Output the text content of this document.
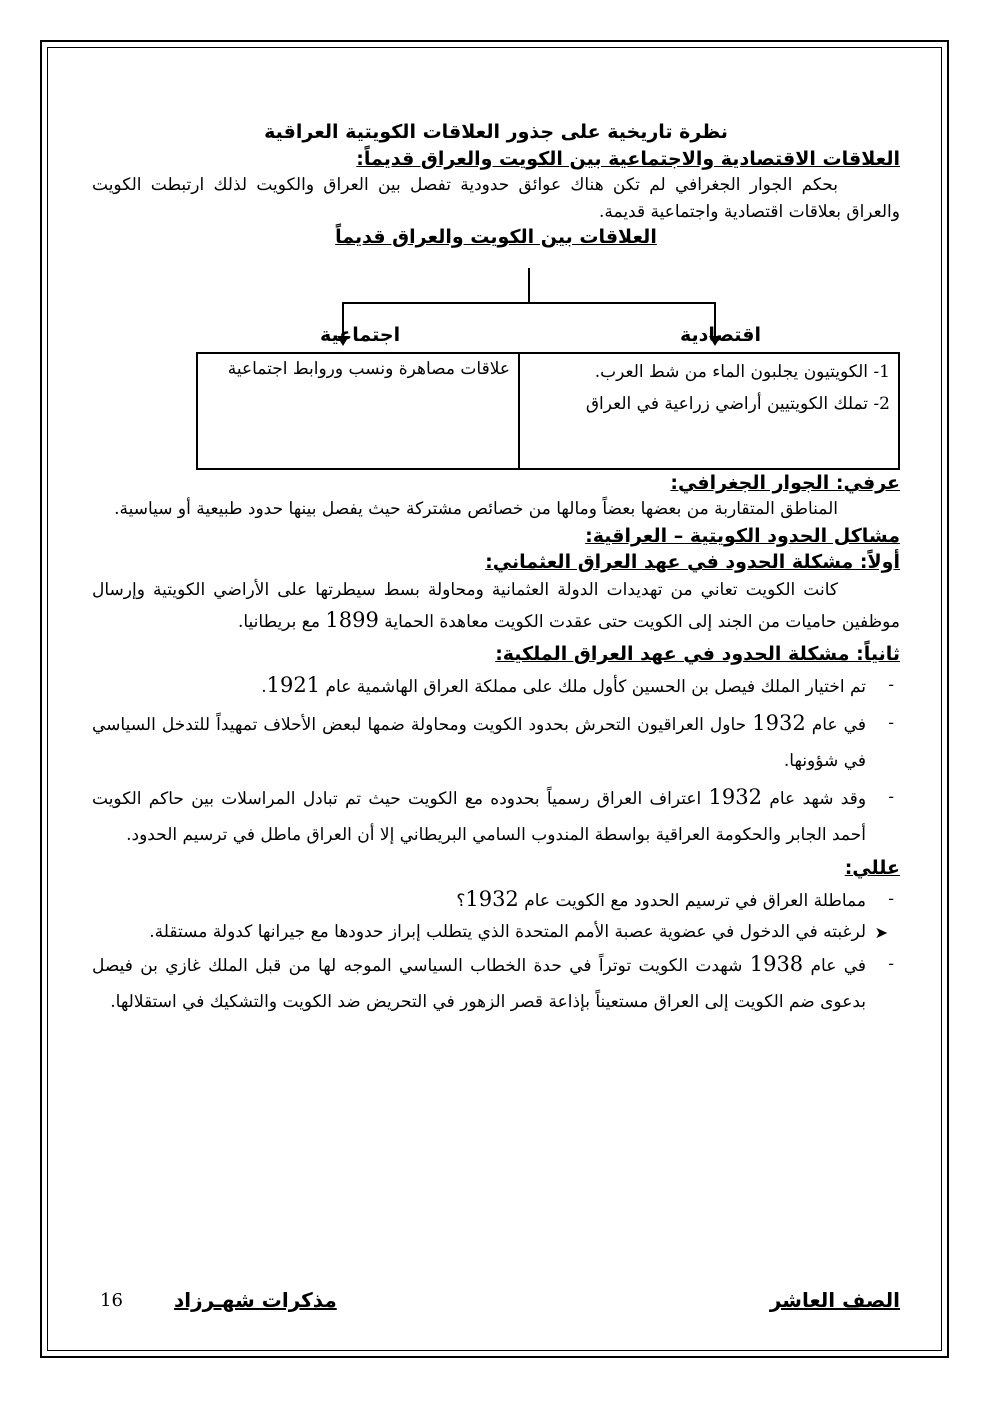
نظرة تاريخية على جذور العلاقات الكويتية العراقية

العلاقات الاقتصادية والاجتماعية بين الكويت والعراق قديماً:

بحكم الجوار الجغرافي لم تكن هناك عوائق حدودية تفصل بين العراق والكويت لذلك ارتبطت الكويت والعراق بعلاقات اقتصادية واجتماعية قديمة.

العلاقات بين الكويت والعراق قديماً
اقتصادية
اجتماعية
1- الكويتيون يجلبون الماء من شط العرب.
2- تملك الكويتيين أراضي زراعية في العراق
علاقات مصاهرة ونسب وروابط اجتماعية

عرفي: الجوار الجغرافي:

المناطق المتقاربة من بعضها بعضاً ومالها من خصائص مشتركة حيث يفصل بينها حدود طبيعية أو سياسية.

مشاكل الحدود الكويتية – العراقية:

أولاً: مشكلة الحدود في عهد العراق العثماني:

كانت الكويت تعاني من تهديدات الدولة العثمانية ومحاولة بسط سيطرتها على الأراضي الكويتية وإرسال موظفين حاميات من الجند إلى الكويت حتى عقدت الكويت معاهدة الحماية 1899 مع بريطانيا.

ثانياً: مشكلة الحدود في عهد العراق الملكية:

- تم اختيار الملك فيصل بن الحسين كأول ملك على مملكة العراق الهاشمية عام 1921.
- في عام 1932 حاول العراقيون التحرش بحدود الكويت ومحاولة ضمها لبعض الأحلاف تمهيداً للتدخل السياسي في شؤونها.
- وقد شهد عام 1932 اعتراف العراق رسمياً بحدوده مع الكويت حيث تم تبادل المراسلات بين حاكم الكويت أحمد الجابر والحكومة العراقية بواسطة المندوب السامي البريطاني إلا أن العراق ماطل في ترسيم الحدود.

عللي:

- مماطلة العراق في ترسيم الحدود مع الكويت عام 1932؟

➤
لرغبته في الدخول في عضوية عصبة الأمم المتحدة الذي يتطلب إبراز حدودها مع جيرانها كدولة مستقلة.

- في عام 1938 شهدت الكويت توتراً في حدة الخطاب السياسي الموجه لها من قبل الملك غازي بن فيصل بدعوى ضم الكويت إلى العراق مستعيناً بإذاعة قصر الزهور في التحريض ضد الكويت والتشكيك في استقلالها.
الصف العاشر
مذكرات شهـرزاد
16
